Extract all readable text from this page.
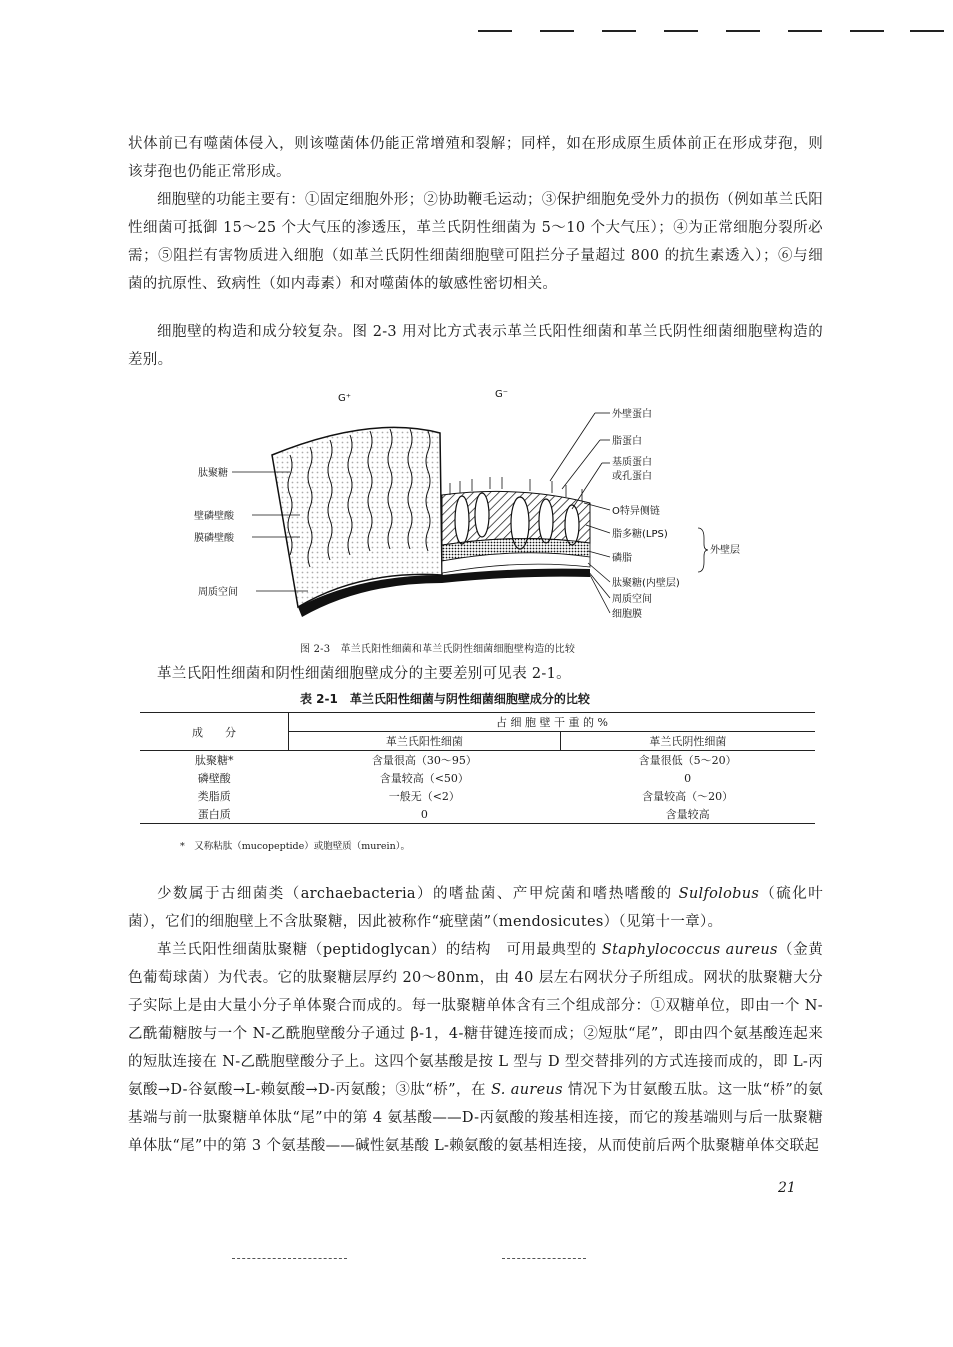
状体前已有噬菌体侵入，则该噬菌体仍能正常增殖和裂解；同样，如在形成原生质体前正在形成芽孢，则该芽孢也仍能正常形成。

细胞壁的功能主要有：①固定细胞外形；②协助鞭毛运动；③保护细胞免受外力的损伤（例如革兰氏阳性细菌可抵御 15～25 个大气压的渗透压，革兰氏阴性细菌为 5～10 个大气压）；④为正常细胞分裂所必需；⑤阻拦有害物质进入细胞（如革兰氏阴性细菌细胞壁可阻拦分子量超过 800 的抗生素透入）；⑥与细菌的抗原性、致病性（如内毒素）和对噬菌体的敏感性密切相关。

细胞壁的构造和成分较复杂。图 2-3 用对比方式表示革兰氏阳性细菌和革兰氏阴性细菌细胞壁构造的差别。

G⁺	G⁻
肽聚糖
壁磷壁酸
膜磷壁酸
周质空间
外壁蛋白
脂蛋白
基质蛋白
或孔蛋白
O特异侧链
脂多糖(LPS)
外壁层
磷脂
肽聚糖(内壁层)
周质空间
细胞膜
图 2-3　革兰氏阳性细菌和革兰氏阴性细菌细胞壁构造的比较

革兰氏阳性细菌和阴性细菌细胞壁成分的主要差别可见表 2-1。

表 2-1　革兰氏阳性细菌与阴性细菌细胞壁成分的比较
成　　分	占 细 胞 壁 干 重 的 %	
	革兰氏阳性细菌	革兰氏阴性细菌
肽聚糖*	含量很高（30～95）	含量很低（5～20）
磷壁酸	含量较高（<50）	0
类脂质	一般无（<2）	含量较高（～20）
蛋白质	0	含量较高
*　又称粘肽（mucopeptide）或胞壁质（murein）。

少数属于古细菌类（archaebacteria）的嗜盐菌、产甲烷菌和嗜热嗜酸的 Sulfolobus（硫化叶菌），它们的细胞壁上不含肽聚糖，因此被称作“疵壁菌”（mendosicutes）（见第十一章）。

革兰氏阳性细菌肽聚糖（peptidoglycan）的结构　可用最典型的 Staphylococcus aureus（金黄色葡萄球菌）为代表。它的肽聚糖层厚约 20～80nm，由 40 层左右网状分子所组成。网状的肽聚糖大分子实际上是由大量小分子单体聚合而成的。每一肽聚糖单体含有三个组成部分：①双糖单位，即由一个 N-乙酰葡糖胺与一个 N-乙酰胞壁酸分子通过 β-1，4-糖苷键连接而成；②短肽“尾”，即由四个氨基酸连起来的短肽连接在 N-乙酰胞壁酸分子上。这四个氨基酸是按 L 型与 D 型交替排列的方式连接而成的，即 L-丙氨酸→D-谷氨酸→L-赖氨酸→D-丙氨酸；③肽“桥”，在 S. aureus 情况下为甘氨酸五肽。这一肽“桥”的氨基端与前一肽聚糖单体肽“尾”中的第 4 氨基酸——D-丙氨酸的羧基相连接，而它的羧基端则与后一肽聚糖单体肽“尾”中的第 3 个氨基酸——碱性氨基酸 L-赖氨酸的氨基相连接，从而使前后两个肽聚糖单体交联起

21
